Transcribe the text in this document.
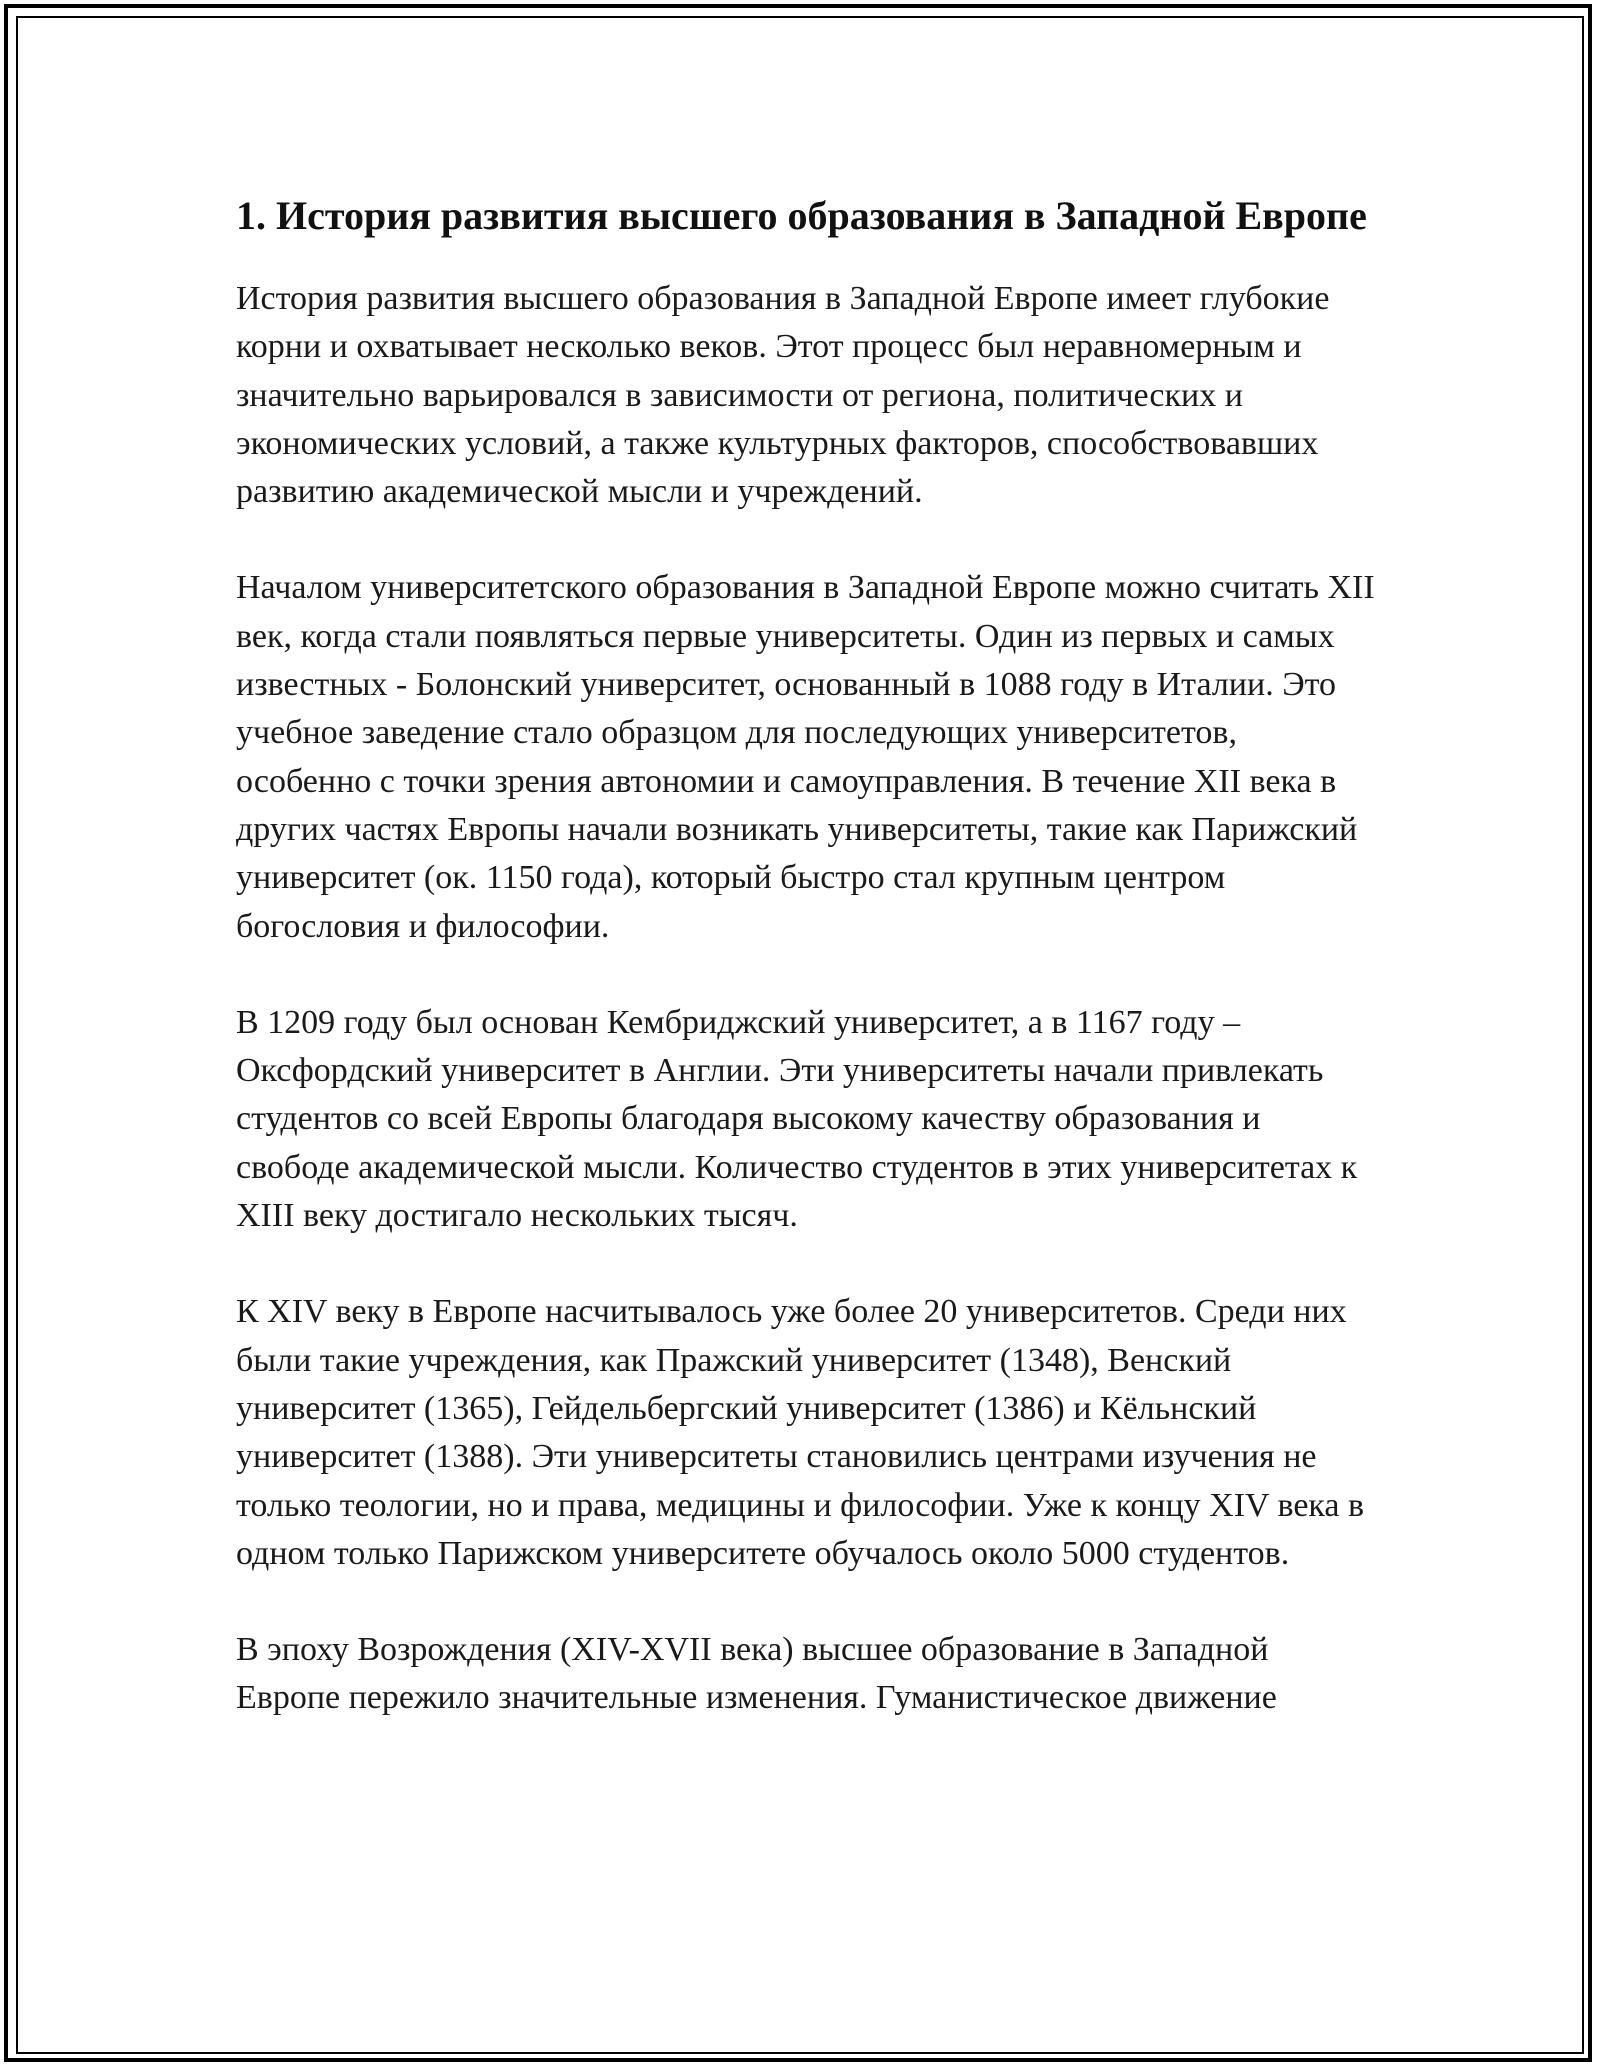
1. История развития высшего образования в Западной Европе

История развития высшего образования в Западной Европе имеет глубокие корни и охватывает несколько веков. Этот процесс был неравномерным и значительно варьировался в зависимости от региона, политических и экономических условий, а также культурных факторов, способствовавших развитию академической мысли и учреждений.

Началом университетского образования в Западной Европе можно считать XII век, когда стали появляться первые университеты. Один из первых и самых известных - Болонский университет, основанный в 1088 году в Италии. Это учебное заведение стало образцом для последующих университетов, особенно с точки зрения автономии и самоуправления. В течение XII века в других частях Европы начали возникать университеты, такие как Парижский университет (ок. 1150 года), который быстро стал крупным центром богословия и философии.

В 1209 году был основан Кембриджский университет, а в 1167 году – Оксфордский университет в Англии. Эти университеты начали привлекать студентов со всей Европы благодаря высокому качеству образования и свободе академической мысли. Количество студентов в этих университетах к XIII веку достигало нескольких тысяч.

К XIV веку в Европе насчитывалось уже более 20 университетов. Среди них были такие учреждения, как Пражский университет (1348), Венский университет (1365), Гейдельбергский университет (1386) и Кёльнский университет (1388). Эти университеты становились центрами изучения не только теологии, но и права, медицины и философии. Уже к концу XIV века в одном только Парижском университете обучалось около 5000 студентов.

В эпоху Возрождения (XIV-XVII века) высшее образование в Западной Европе пережило значительные изменения. Гуманистическое движение
